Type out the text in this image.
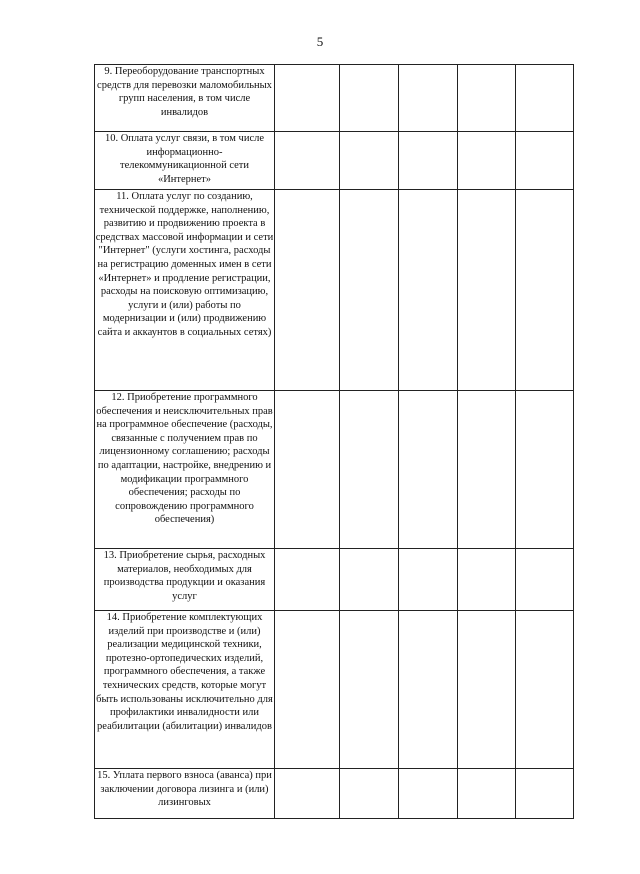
5
9. Переоборудование транспортных средств для перевозки маломобильных групп населения, в том числе инвалидов					

10. Оплата услуг связи, в том числе информационно-телекоммуникационной сети «Интернет»					

11. Оплата услуг по созданию, технической поддержке, наполнению, развитию и продвижению проекта в средствах массовой информации и сети "Интернет" (услуги хостинга, расходы на регистрацию доменных имен в сети «Интернет» и продление регистрации, расходы на поисковую оптимизацию, услуги и (или) работы по модернизации и (или) продвижению сайта и аккаунтов в социальных сетях)					

12. Приобретение программного обеспечения и неисключительных прав на программное обеспечение (расходы, связанные с получением прав по лицензионному соглашению; расходы по адаптации, настройке, внедрению и модификации программного обеспечения; расходы по сопровождению программного обеспечения)					

13. Приобретение сырья, расходных материалов, необходимых для производства продукции и оказания услуг					

14. Приобретение комплектующих изделий при производстве и (или) реализации медицинской техники, протезно-ортопедических изделий, программного обеспечения, а также технических средств, которые могут быть использованы исключительно для профилактики инвалидности или реабилитации (абилитации) инвалидов					

15. Уплата первого взноса (аванса) при заключении договора лизинга и (или) лизинговых					
